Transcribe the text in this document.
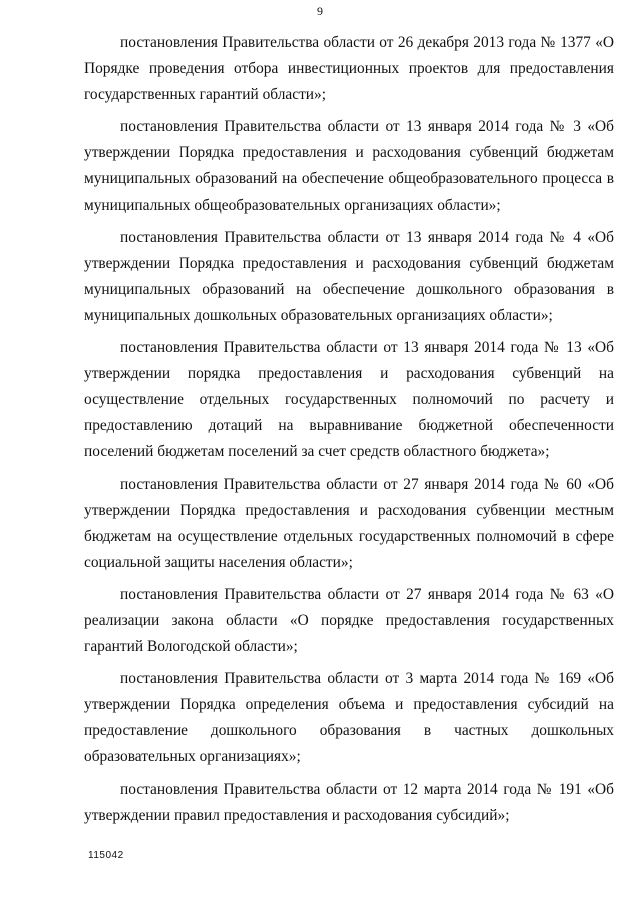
9

постановления Правительства области от 26 декабря 2013 года № 1377 «О Порядке проведения отбора инвестиционных проектов для предоставления государственных гарантий области»;

постановления Правительства области от 13 января 2014 года № 3 «Об утверждении Порядка предоставления и расходования субвенций бюджетам муниципальных образований на обеспечение общеобразовательного процесса в муниципальных общеобразовательных организациях области»;

постановления Правительства области от 13 января 2014 года № 4 «Об утверждении Порядка предоставления и расходования субвенций бюджетам муниципальных образований на обеспечение дошкольного образования в муниципальных дошкольных образовательных организациях области»;

постановления Правительства области от 13 января 2014 года № 13 «Об утверждении порядка предоставления и расходования субвенций на осуществление отдельных государственных полномочий по расчету и предоставлению дотаций на выравнивание бюджетной обеспеченности поселений бюджетам поселений за счет средств областного бюджета»;

постановления Правительства области от 27 января 2014 года № 60 «Об утверждении Порядка предоставления и расходования субвенции местным бюджетам на осуществление отдельных государственных полномочий в сфере социальной защиты населения области»;

постановления Правительства области от 27 января 2014 года № 63 «О реализации закона области «О порядке предоставления государственных гарантий Вологодской области»;

постановления Правительства области от 3 марта 2014 года № 169 «Об утверждении Порядка определения объема и предоставления субсидий на предоставление дошкольного образования в частных дошкольных образовательных организациях»;

постановления Правительства области от 12 марта 2014 года № 191 «Об утверждении правил предоставления и расходования субсидий»;

115042
